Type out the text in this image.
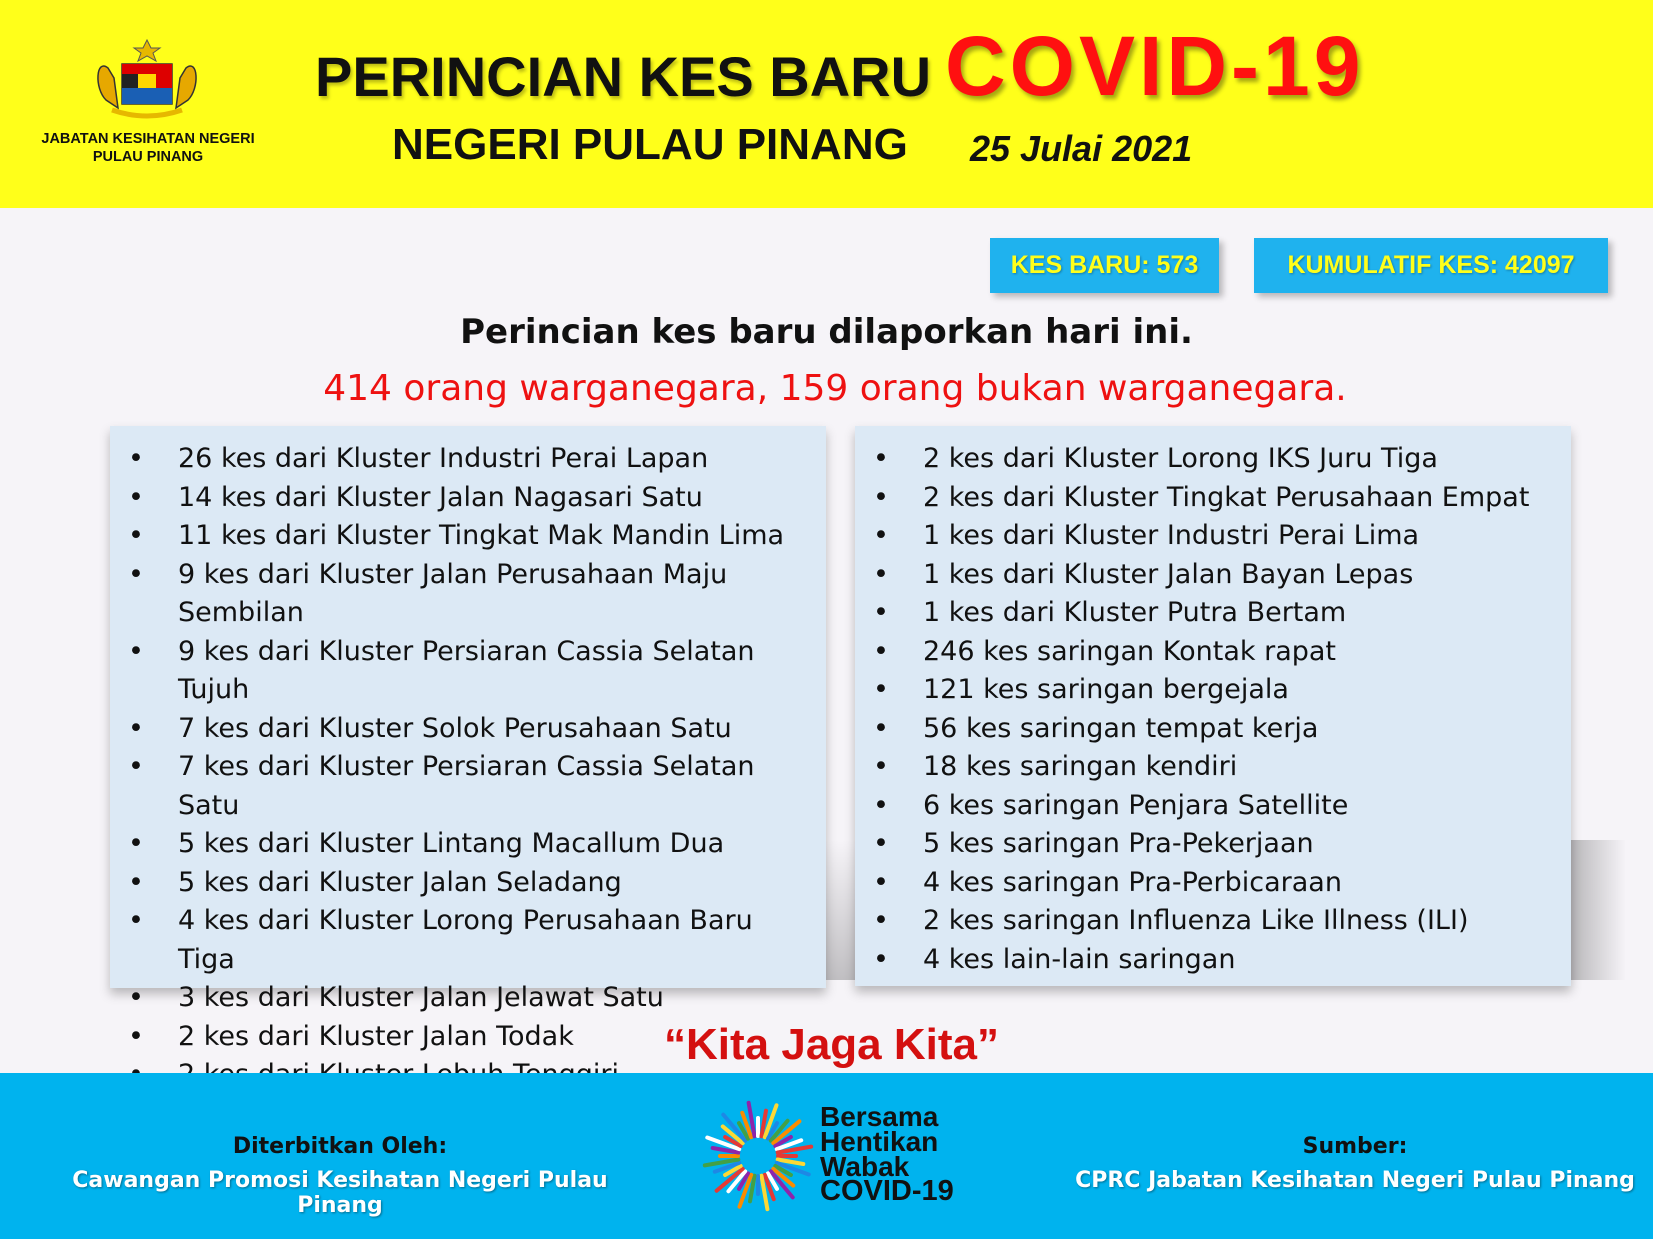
JABATAN KESIHATAN NEGERI
PULAU PINANG
PERINCIAN KES BARU COVID-19
NEGERI PULAU PINANG 25 Julai 2021
KES BARU: 573	KUMULATIF KES: 42097
Perincian kes baru dilaporkan hari ini.
414 orang warganegara, 159 orang bukan warganegara.
• 26 kes dari Kluster Industri Perai Lapan
• 14 kes dari Kluster Jalan Nagasari Satu
• 11 kes dari Kluster Tingkat Mak Mandin Lima
• 9 kes dari Kluster Jalan Perusahaan Maju Sembilan
• 9 kes dari Kluster Persiaran Cassia Selatan Tujuh
• 7 kes dari Kluster Solok Perusahaan Satu
• 7 kes dari Kluster Persiaran Cassia Selatan Satu
• 5 kes dari Kluster Lintang Macallum Dua
• 5 kes dari Kluster Jalan Seladang
• 4 kes dari Kluster Lorong Perusahaan Baru Tiga
• 3 kes dari Kluster Jalan Jelawat Satu
• 2 kes dari Kluster Jalan Todak
• 2 kes dari Kluster Lorong IKS Juru Tiga
• 2 kes dari Kluster Tingkat Perusahaan Empat
• 1 kes dari Kluster Industri Perai Lima
• 1 kes dari Kluster Jalan Bayan Lepas
• 1 kes dari Kluster Putra Bertam
• 246 kes saringan Kontak rapat
• 121 kes saringan bergejala
• 56 kes saringan tempat kerja
• 18 kes saringan kendiri
• 6 kes saringan Penjara Satellite
• 5 kes saringan Pra-Pekerjaan
• 4 kes saringan Pra-Perbicaraan
• 2 kes saringan Influenza Like Illness (ILI)
• 4 kes lain-lain saringan
“Kita Jaga Kita”
Diterbitkan Oleh:
Cawangan Promosi Kesihatan Negeri Pulau Pinang
Sumber:
CPRC Jabatan Kesihatan Negeri Pulau Pinang
Bersama
Hentikan
Wabak
COVID-19
